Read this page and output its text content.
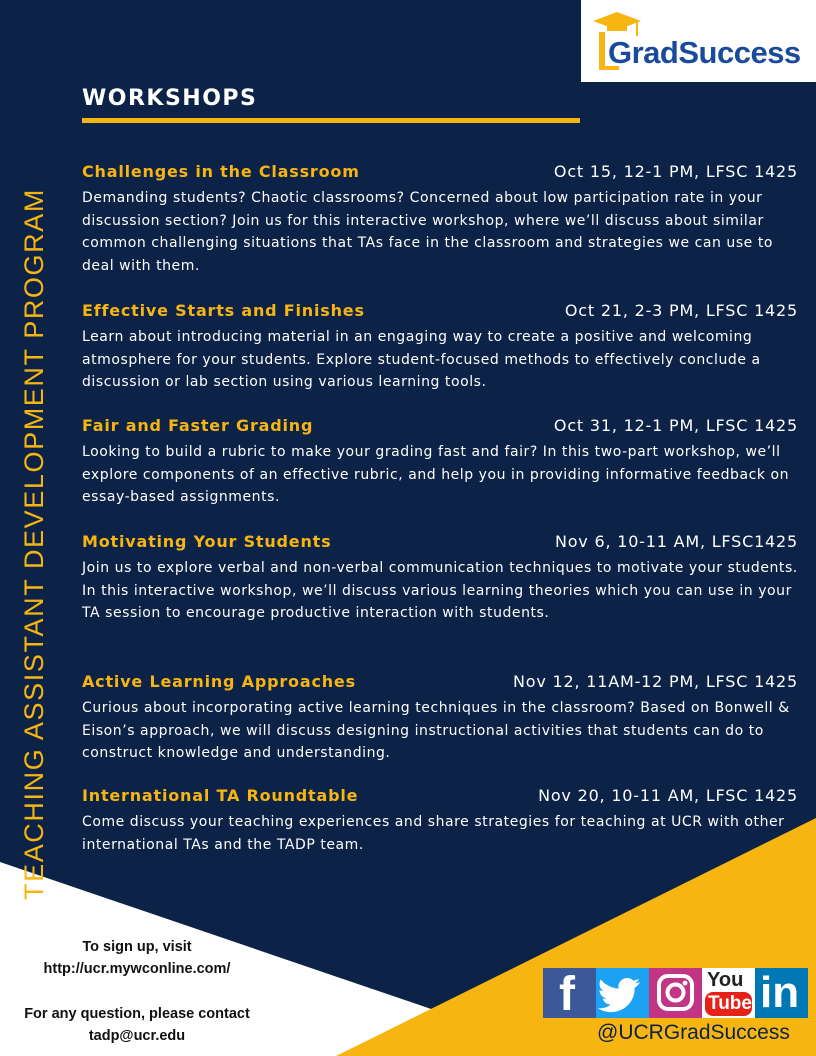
TEACHING ASSISTANT DEVELOPMENT PROGRAM
GradSuccess
WORKSHOPS
Challenges in the Classroom	Oct 15, 12-1 PM, LFSC 1425

Demanding students? Chaotic classrooms? Concerned about low participation rate in your discussion section? Join us for this interactive workshop, where we’ll discuss about similar common challenging situations that TAs face in the classroom and strategies we can use to deal with them.

Effective Starts and Finishes	Oct 21, 2-3 PM, LFSC 1425

Learn about introducing material in an engaging way to create a positive and welcoming atmosphere for your students. Explore student-focused methods to effectively conclude a discussion or lab section using various learning tools.

Fair and Faster Grading	Oct 31, 12-1 PM, LFSC 1425

Looking to build a rubric to make your grading fast and fair? In this two-part workshop, we’ll explore components of an effective rubric, and help you in providing informative feedback on essay-based assignments.

Motivating Your Students	Nov 6, 10-11 AM, LFSC1425

Join us to explore verbal and non-verbal communication techniques to motivate your students. In this interactive workshop, we’ll discuss various learning theories which you can use in your TA session to encourage productive interaction with students.

Active Learning Approaches	Nov 12, 11AM-12 PM, LFSC 1425

Curious about incorporating active learning techniques in the classroom? Based on Bonwell & Eison’s approach, we will discuss designing instructional activities that students can do to construct knowledge and understanding.

International TA Roundtable	Nov 20, 10-11 AM, LFSC 1425

Come discuss your teaching experiences and share strategies for teaching at UCR with other international TAs and the TADP team.

To sign up, visit
http://ucr.mywconline.com/
For any question, please contact
tadp@ucr.edu
f	You
Tube in
@UCRGradSuccess
